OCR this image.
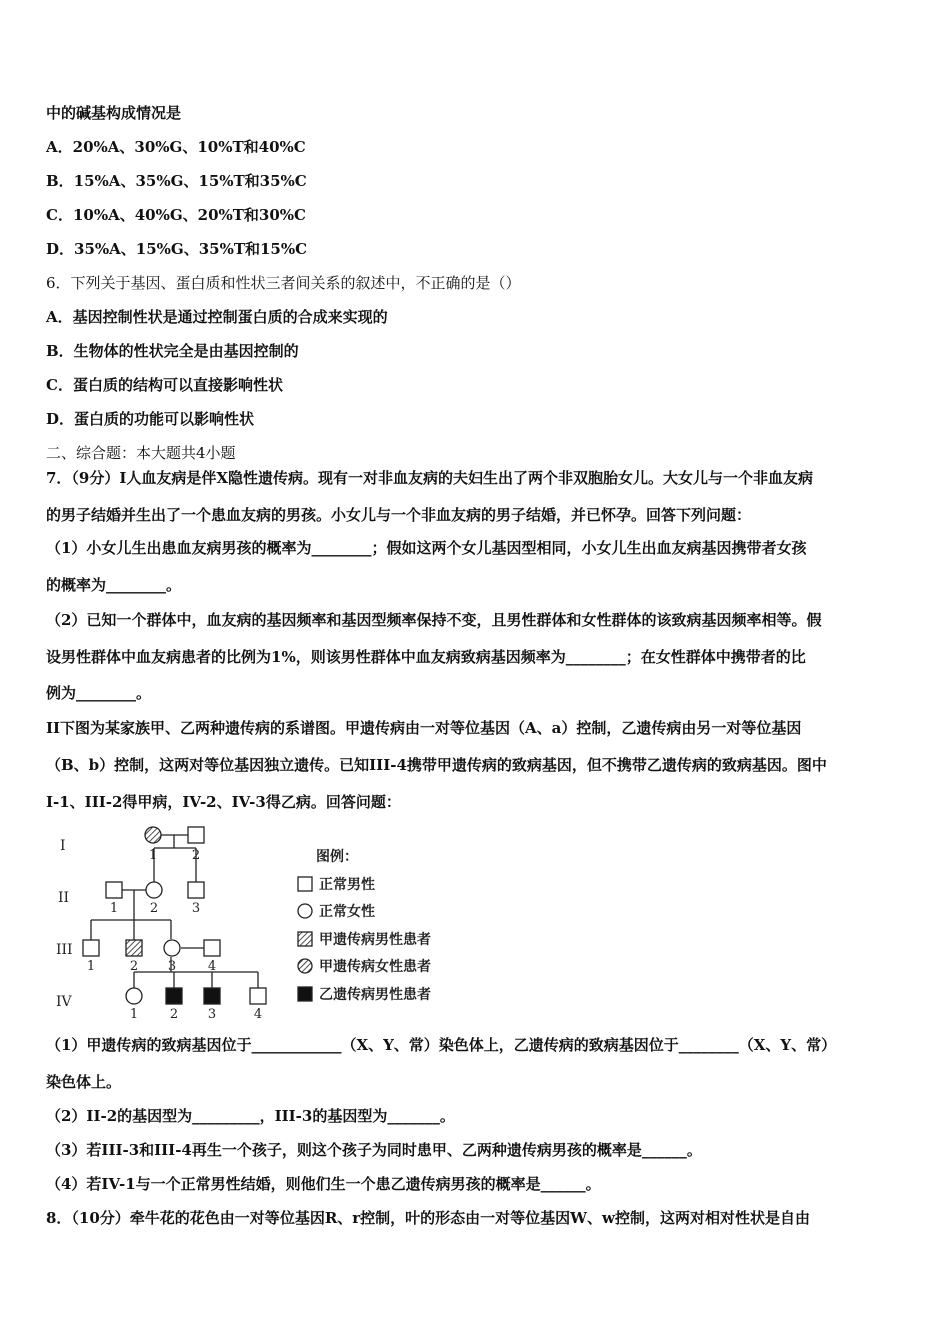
中的碱基构成情况是
A．20%A、30%G、10%T和40%C
B．15%A、35%G、15%T和35%C
C．10%A、40%G、20%T和30%C
D．35%A、15%G、35%T和15%C
6．下列关于基因、蛋白质和性状三者间关系的叙述中，不正确的是（）
A．基因控制性状是通过控制蛋白质的合成来实现的
B．生物体的性状完全是由基因控制的
C．蛋白质的结构可以直接影响性状
D．蛋白质的功能可以影响性状
二、综合题：本大题共4小题
7．（9分）I人血友病是伴X隐性遗传病。现有一对非血友病的夫妇生出了两个非双胞胎女儿。大女儿与一个非血友病
的男子结婚并生出了一个患血友病的男孩。小女儿与一个非血友病的男子结婚，并已怀孕。回答下列问题：
（1）小女儿生出患血友病男孩的概率为________；假如这两个女儿基因型相同，小女儿生出血友病基因携带者女孩
的概率为________。
（2）已知一个群体中，血友病的基因频率和基因型频率保持不变，且男性群体和女性群体的该致病基因频率相等。假
设男性群体中血友病患者的比例为1%，则该男性群体中血友病致病基因频率为________；在女性群体中携带者的比
例为________。
II下图为某家族甲、乙两种遗传病的系谱图。甲遗传病由一对等位基因（A、a）控制，乙遗传病由另一对等位基因
（B、b）控制，这两对等位基因独立遗传。已知III-4携带甲遗传病的致病基因，但不携带乙遗传病的致病基因。图中
I-1、III-2得甲病，IV-2、IV-3得乙病。回答问题：
I
II
III
IV
1	2
1 2	3
1	2 3 4
1 2 3	4
图例：
正常男性
正常女性
甲遗传病男性患者
甲遗传病女性患者
乙遗传病男性患者
（1）甲遗传病的致病基因位于____________（X、Y、常）染色体上，乙遗传病的致病基因位于________（X、Y、常）
染色体上。
（2）II-2的基因型为_________，III-3的基因型为_______。
（3）若III-3和III-4再生一个孩子，则这个孩子为同时患甲、乙两种遗传病男孩的概率是______。
（4）若IV-1与一个正常男性结婚，则他们生一个患乙遗传病男孩的概率是______。
8．（10分）牵牛花的花色由一对等位基因R、r控制，叶的形态由一对等位基因W、w控制，这两对相对性状是自由
